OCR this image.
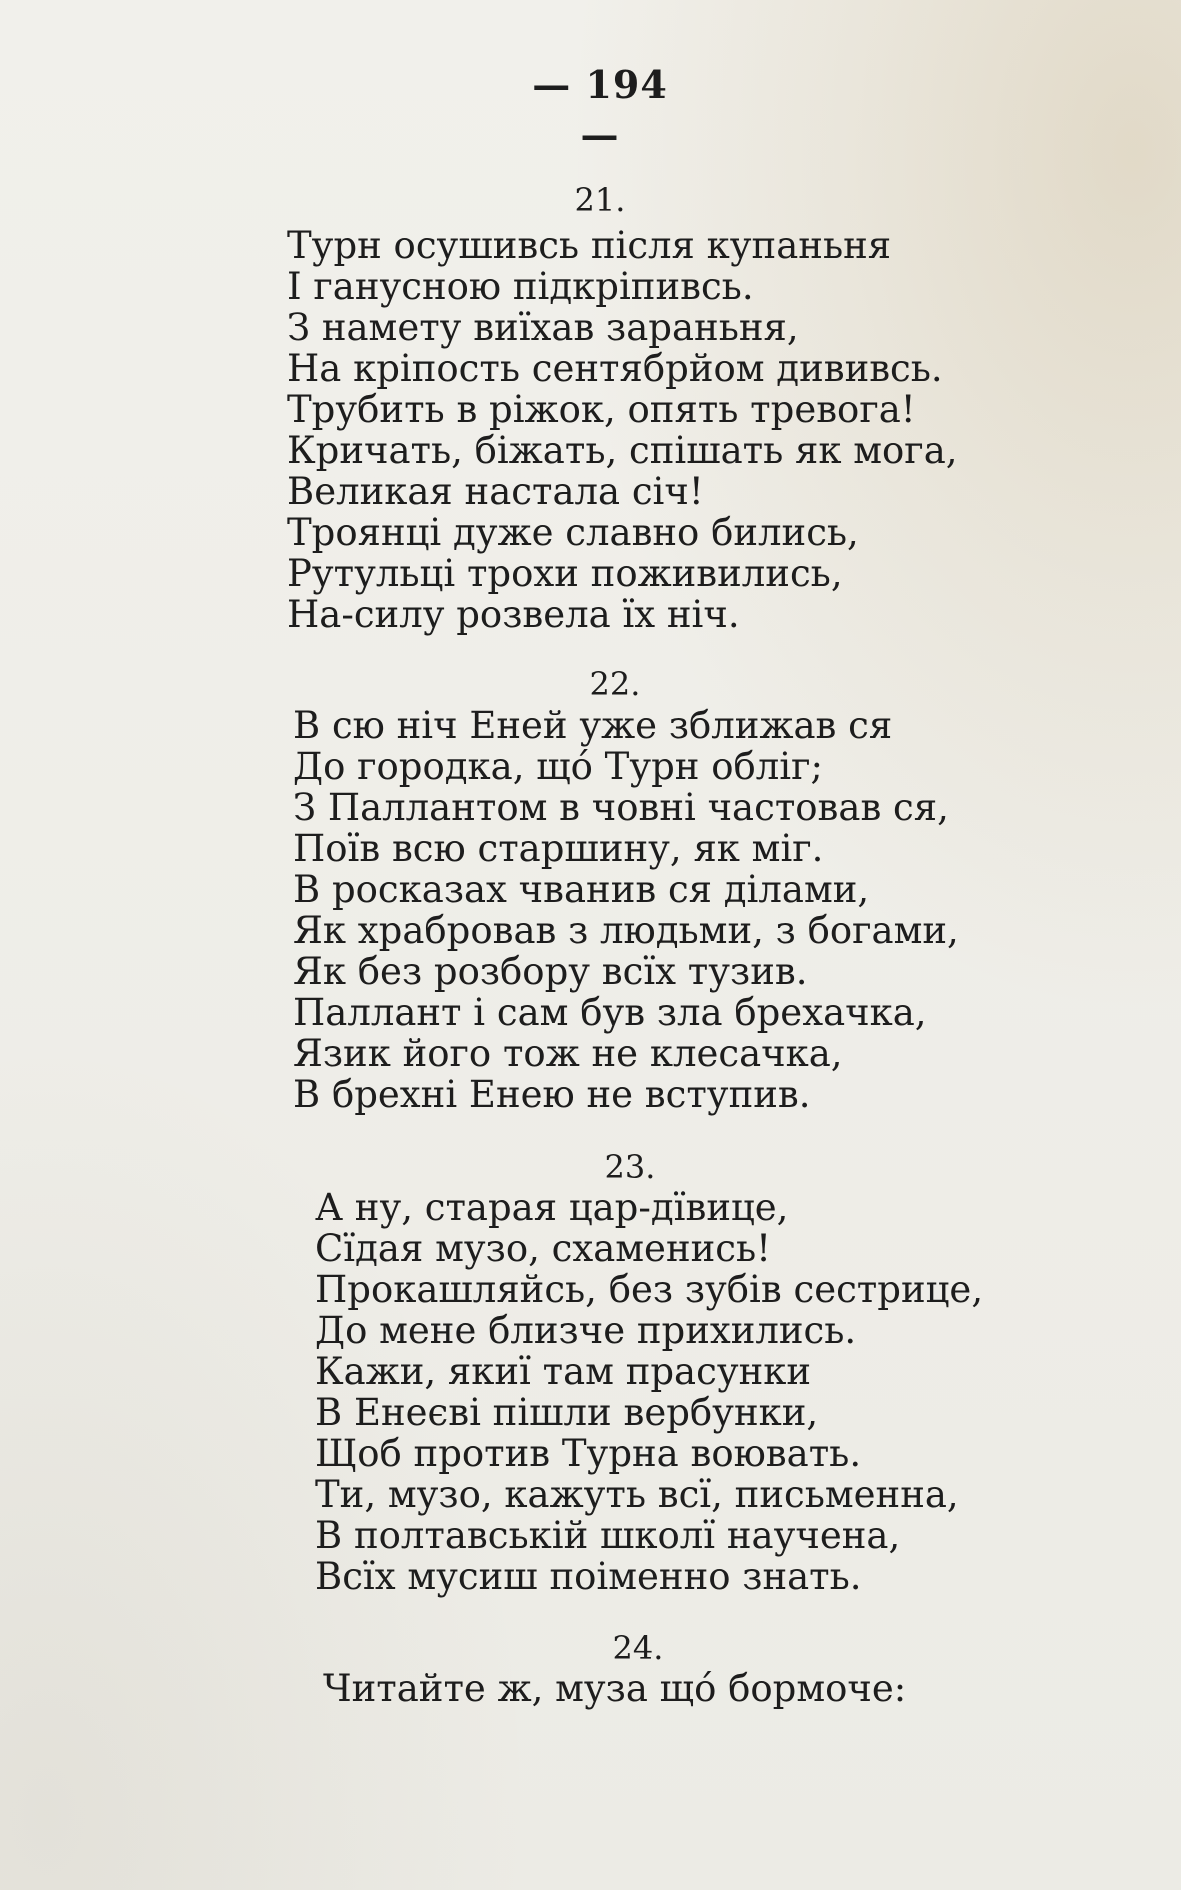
— 194 —
21.
Турн осушивсь після купаньня
І ганусною підкріпивсь.
З намету виїхав зараньня,
На кріпость сентябрйом дививсь.
Трубить в ріжок, опять тревога!
Кричать, біжать, спішать як мога,
Великая настала січ!
Троянці дуже славно бились,
Рутульці трохи поживились,
На-силу розвела їх ніч.
22.
В сю ніч Еней уже зближав ся
До городка, щó Турн обліг;
З Паллантом в човні частовав ся,
Поїв всю старшину, як міг.
В росказах чванив ся ділами,
Як храбровав з людьми, з богами,
Як без розбору всїх тузив.
Паллант і сам був зла брехачка,
Язик його тож не клесачка,
В брехні Енею не вступив.
23.
А ну, старая цар-дївице,
Сїдая музо, схаменись!
Прокашляйсь, без зубів сестрице,
До мене близче прихились.
Кажи, якиї там прасунки
В Енеєві пішли вербунки,
Щоб против Турна воювать.
Ти, музо, кажуть всї, письменна,
В полтавській школї научена,
Всїх мусиш поіменно знать.
24.
Читайте ж, муза щó бормоче:
